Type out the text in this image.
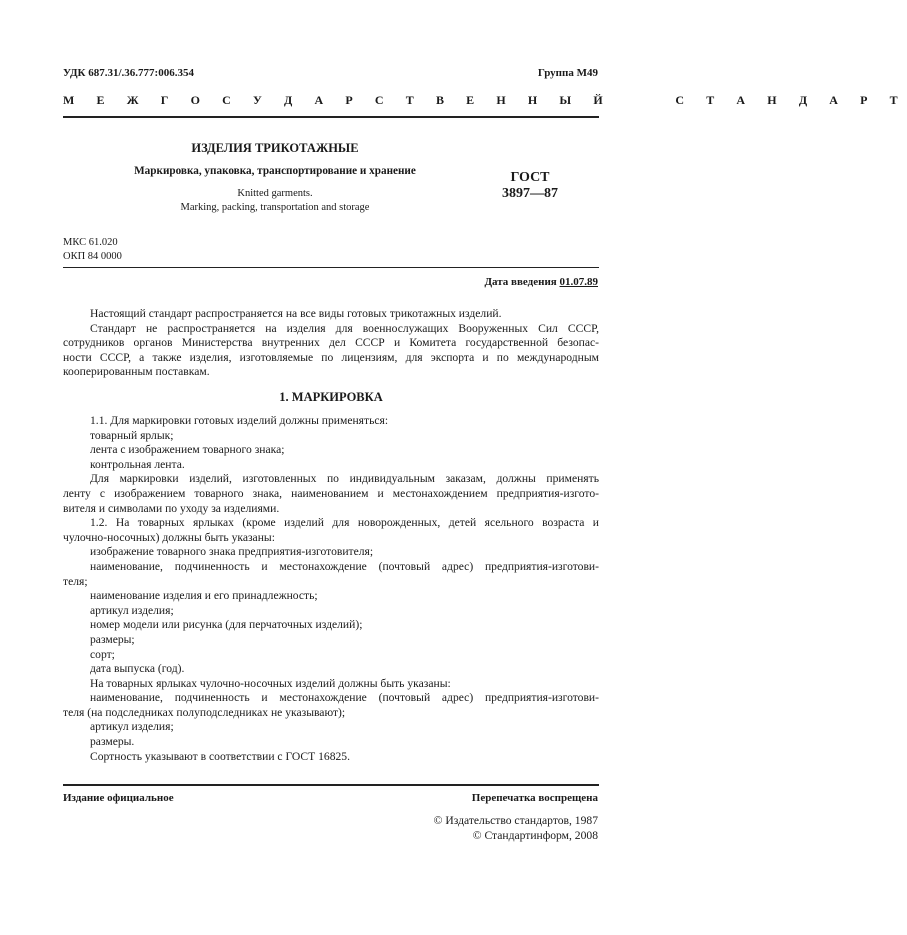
УДК 687.31/.36.777:006.354	Группа М49
М Е Ж Г О С У Д А Р С Т В Е Н Н Ы Й     С Т А Н Д А Р Т
ИЗДЕЛИЯ ТРИКОТАЖНЫЕ
Маркировка, упаковка, транспортирование и хранение
Knitted garments.
Marking, packing, transportation and storage
ГОСТ
3897—87
МКС 61.020
ОКП 84 0000
Дата введения 01.07.89
Настоящий стандарт распространяется на все виды готовых трикотажных изделий.
Стандарт не распространяется на изделия для военнослужащих Вооруженных Сил СССР,
сотрудников органов Министерства внутренних дел СССР и Комитета государственной безопас-
ности СССР, а также изделия, изготовляемые по лицензиям, для экспорта и по международным
кооперированным поставкам.
1. МАРКИРОВКА
1.1. Для маркировки готовых изделий должны применяться:
товарный ярлык;
лента с изображением товарного знака;
контрольная лента.
Для маркировки изделий, изготовленных по индивидуальным заказам, должны применять
ленту с изображением товарного знака, наименованием и местонахождением предприятия-изгото-
вителя и символами по уходу за изделиями.
1.2. На товарных ярлыках (кроме изделий для новорожденных, детей ясельного возраста и
чулочно-носочных) должны быть указаны:
изображение товарного знака предприятия-изготовителя;
наименование, подчиненность и местонахождение (почтовый адрес) предприятия-изготови-
теля;
наименование изделия и его принадлежность;
артикул изделия;
номер модели или рисунка (для перчаточных изделий);
размеры;
сорт;
дата выпуска (год).
На товарных ярлыках чулочно-носочных изделий должны быть указаны:
наименование, подчиненность и местонахождение (почтовый адрес) предприятия-изготови-
теля (на подследниках полуподследниках не указывают);
артикул изделия;
размеры.
Сортность указывают в соответствии с ГОСТ 16825.
Издание официальное	Перепечатка воспрещена
© Издательство стандартов, 1987
© Стандартинформ, 2008
